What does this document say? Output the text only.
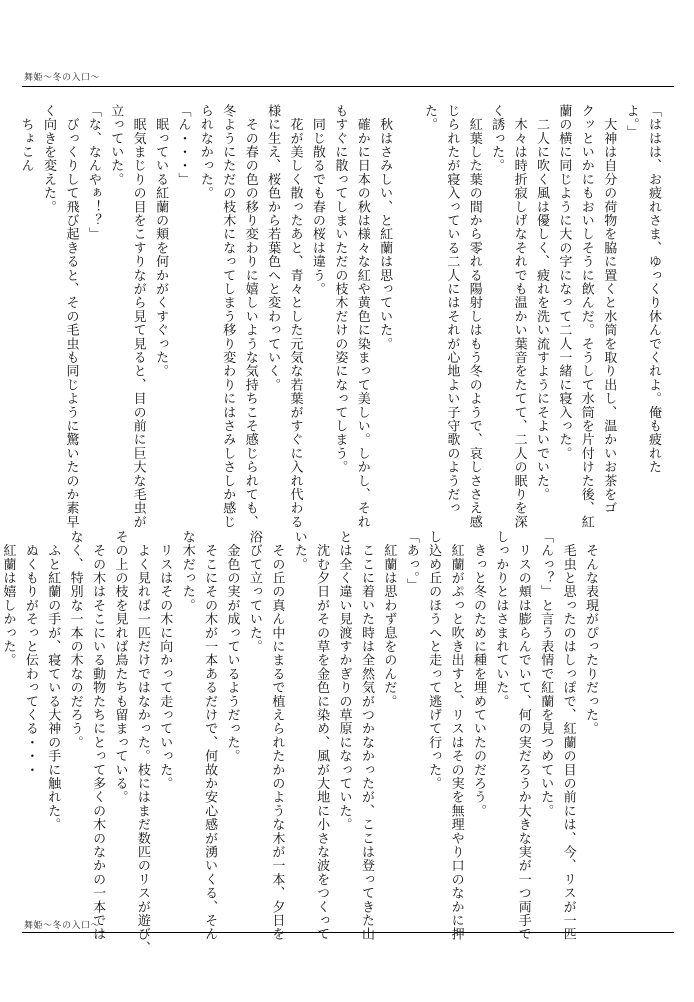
舞姫～冬の入口～
「ははは、お疲れさま、ゆっくり休んでくれよ。俺も疲れた
よ。」
　大神は自分の荷物を脇に置くと水筒を取り出し、温かいお茶をゴ
クッといかにもおいしそうに飲んだ。そうして水筒を片付けた後、紅
蘭の横に同じように大の字になって二人一緒に寝入った。
　二人に吹く風は優しく、疲れを洗い流すようにそよいでいた。
　木々は時折寂しげなそれでも温かい葉音をたてて、二人の眠りを深
く誘った。
　紅葉した葉の間から零れる陽射しはもう冬のようで、哀しささえ感
じられたが寝入っている二人にはそれが心地よい子守歌のようだっ
た。

　秋はさみしい、と紅蘭は思っていた。
　確かに日本の秋は様々な紅や黄色に染まって美しい。しかし、それ
もすぐに散ってしまいただの枝木だけの姿になってしまう。
　同じ散るでも春の桜は違う。
　花が美しく散ったあと、青々とした元気な若葉がすぐに入れ代わる
様に生え、桜色から若葉色へと変わっていく。
　その春の色の移り変わりに嬉しいような気持ちこそ感じられても、
冬ようにただの枝木になってしまう移り変わりにはさみしさしか感じ
られなかった。
「ん・・・」
　眠っている紅蘭の頬を何かがくすぐった。
　眠気まじりの目をこすりながら見て見ると、目の前に巨大な毛虫が
立っていた。
「な、なんやぁ！？」
　びっくりして飛び起きると、その毛虫も同じように驚いたのか素早
く向きを変えた。
　ちょこん
　そんな表現がぴったりだった。
　毛虫と思ったのはしっぽで、紅蘭の目の前には、今、リスが一匹
「んっ？」と言う表情で紅蘭を見つめていた。
　リスの頬は膨らんでいて、何の実だろうか大きな実が一つ両手で
しっかりとはさまれていた。
　きっと冬のために種を埋めていたのだろう。
　紅蘭がぷっと吹き出すと、リスはその実を無理やり口のなかに押
し込め丘のほうへと走って逃げて行った。
「あっ。」
　紅蘭は思わず息をのんだ。
　ここに着いた時は全然気がつかなかったが、ここは登ってきた山
とは全く違い見渡すかぎりの草原になっていた。
　沈む夕日がその草を金色に染め、風が大地に小さな波をつくって
いた。
　その丘の真ん中にまるで植えられたかのような木が一本、夕日を
浴びて立っていた。
　金色の実が成っているようだった。
　そこにその木が一本あるだけで、何故か安心感が湧いくる、そん
な木だった。
　リスはその木に向かって走っていった。
　よく見れば一匹だけではなかった。枝にはまだ数匹のリスが遊び、
その上の枝を見れば鳥たちも留まっている。
　その木はそこにいる動物たちにとって多くの木のなかの一本では
なく、特別な一本の木なのだろう。
　ふと紅蘭の手が、寝ている大神の手に触れた。
　ぬくもりがそっと伝わってくる・・・
　紅蘭は嬉しかった。
舞姫～冬の入口～
